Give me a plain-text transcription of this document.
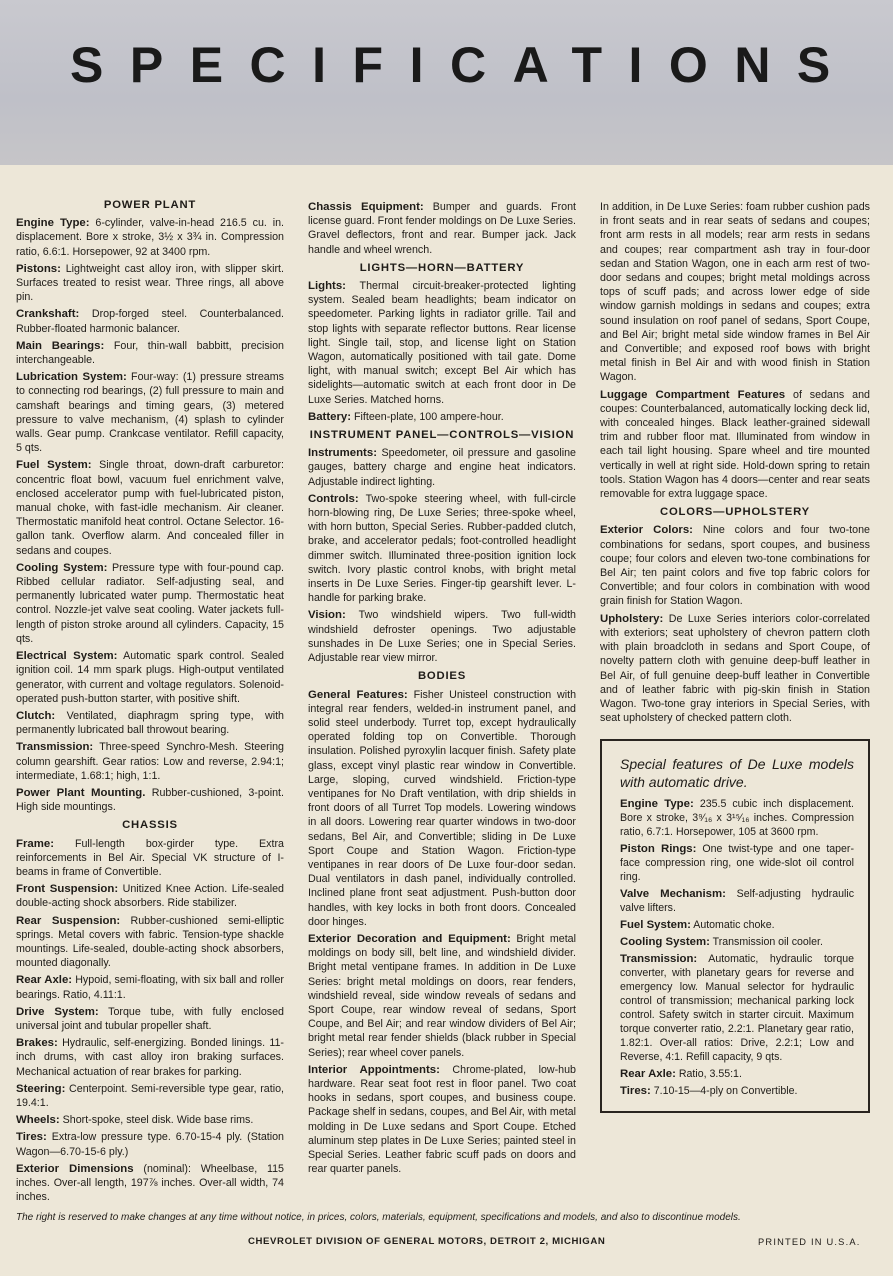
SPECIFICATIONS
POWER PLANT

Engine Type: 6-cylinder, valve-in-head 216.5 cu. in. displacement. Bore x stroke, 3½ x 3¾ in. Compression ratio, 6.6:1. Horsepower, 92 at 3400 rpm.

Pistons: Lightweight cast alloy iron, with slipper skirt. Surfaces treated to resist wear. Three rings, all above pin.

Crankshaft: Drop-forged steel. Counterbalanced. Rubber-floated harmonic balancer.

Main Bearings: Four, thin-wall babbitt, precision interchangeable.

Lubrication System: Four-way: (1) pressure streams to connecting rod bearings, (2) full pressure to main and camshaft bearings and timing gears, (3) metered pressure to valve mechanism, (4) splash to cylinder walls. Gear pump. Crankcase ventilator. Refill capacity, 5 qts.

Fuel System: Single throat, down-draft carburetor: concentric float bowl, vacuum fuel enrichment valve, enclosed accelerator pump with fuel-lubricated piston, manual choke, with fast-idle mechanism. Air cleaner. Thermostatic manifold heat control. Octane Selector. 16-gallon tank. Overflow alarm. And concealed filler in sedans and coupes.

Cooling System: Pressure type with four-pound cap. Ribbed cellular radiator. Self-adjusting seal, and permanently lubricated water pump. Thermostatic heat control. Nozzle-jet valve seat cooling. Water jackets full-length of piston stroke around all cylinders. Capacity, 15 qts.

Electrical System: Automatic spark control. Sealed ignition coil. 14 mm spark plugs. High-output ventilated generator, with current and voltage regulators. Solenoid-operated push-button starter, with positive shift.

Clutch: Ventilated, diaphragm spring type, with permanently lubricated ball throwout bearing.

Transmission: Three-speed Synchro-Mesh. Steering column gearshift. Gear ratios: Low and reverse, 2.94:1; intermediate, 1.68:1; high, 1:1.

Power Plant Mounting. Rubber-cushioned, 3-point. High side mountings.

CHASSIS

Frame: Full-length box-girder type. Extra reinforcements in Bel Air. Special VK structure of I-beams in frame of Convertible.

Front Suspension: Unitized Knee Action. Life-sealed double-acting shock absorbers. Ride stabilizer.

Rear Suspension: Rubber-cushioned semi-elliptic springs. Metal covers with fabric. Tension-type shackle mountings. Life-sealed, double-acting shock absorbers, mounted diagonally.

Rear Axle: Hypoid, semi-floating, with six ball and roller bearings. Ratio, 4.11:1.

Drive System: Torque tube, with fully enclosed universal joint and tubular propeller shaft.

Brakes: Hydraulic, self-energizing. Bonded linings. 11-inch drums, with cast alloy iron braking surfaces. Mechanical actuation of rear brakes for parking.

Steering: Centerpoint. Semi-reversible type gear, ratio, 19.4:1.

Wheels: Short-spoke, steel disk. Wide base rims.

Tires: Extra-low pressure type. 6.70-15-4 ply. (Station Wagon—6.70-15-6 ply.)

Exterior Dimensions (nominal): Wheelbase, 115 inches. Over-all length, 197⅞ inches. Over-all width, 74 inches.

Chassis Equipment: Bumper and guards. Front license guard. Front fender moldings on De Luxe Series. Gravel deflectors, front and rear. Bumper jack. Jack handle and wheel wrench.

LIGHTS—HORN—BATTERY

Lights: Thermal circuit-breaker-protected lighting system. Sealed beam headlights; beam indicator on speedometer. Parking lights in radiator grille. Tail and stop lights with separate reflector buttons. Rear license light. Single tail, stop, and license light on Station Wagon, automatically positioned with tail gate. Dome light, with manual switch; except Bel Air which has sidelights—automatic switch at each front door in De Luxe Series. Matched horns.

Battery: Fifteen-plate, 100 ampere-hour.

INSTRUMENT PANEL—CONTROLS—VISION

Instruments: Speedometer, oil pressure and gasoline gauges, battery charge and engine heat indicators. Adjustable indirect lighting.

Controls: Two-spoke steering wheel, with full-circle horn-blowing ring, De Luxe Series; three-spoke wheel, with horn button, Special Series. Rubber-padded clutch, brake, and accelerator pedals; foot-controlled headlight dimmer switch. Illuminated three-position ignition lock switch. Ivory plastic control knobs, with bright metal inserts in De Luxe Series. Finger-tip gearshift lever. L-handle for parking brake.

Vision: Two windshield wipers. Two full-width windshield defroster openings. Two adjustable sunshades in De Luxe Series; one in Special Series. Adjustable rear view mirror.

BODIES

General Features: Fisher Unisteel construction with integral rear fenders, welded-in instrument panel, and solid steel underbody. Turret top, except hydraulically operated folding top on Convertible. Thorough insulation. Polished pyroxylin lacquer finish. Safety plate glass, except vinyl plastic rear window in Convertible. Large, sloping, curved windshield. Friction-type ventipanes for No Draft ventilation, with drip shields in front doors of all Turret Top models. Lowering windows in all doors. Lowering rear quarter windows in two-door sedans, Bel Air, and Convertible; sliding in De Luxe Sport Coupe and Station Wagon. Friction-type ventipanes in rear doors of De Luxe four-door sedan. Dual ventilators in dash panel, individually controlled. Inclined plane front seat adjustment. Push-button door handles, with key locks in both front doors. Concealed door hinges.

Exterior Decoration and Equipment: Bright metal moldings on body sill, belt line, and windshield divider. Bright metal ventipane frames. In addition in De Luxe Series: bright metal moldings on doors, rear fenders, windshield reveal, side window reveals of sedans and Sport Coupe, rear window reveal of sedans, Sport Coupe, and Bel Air; and rear window dividers of Bel Air; bright metal rear fender shields (black rubber in Special Series); rear wheel cover panels.

Interior Appointments: Chrome-plated, low-hub hardware. Rear seat foot rest in floor panel. Two coat hooks in sedans, sport coupes, and business coupe. Package shelf in sedans, coupes, and Bel Air, with metal molding in De Luxe sedans and Sport Coupe. Etched aluminum step plates in De Luxe Series; painted steel in Special Series. Leather fabric scuff pads on doors and rear quarter panels.

In addition, in De Luxe Series: foam rubber cushion pads in front seats and in rear seats of sedans and coupes; front arm rests in all models; rear arm rests in sedans and coupes; rear compartment ash tray in four-door sedan and Station Wagon, one in each arm rest of two-door sedans and coupes; bright metal moldings across tops of scuff pads; and across lower edge of side window garnish moldings in sedans and coupes; extra sound insulation on roof panel of sedans, Sport Coupe, and Bel Air; bright metal side window frames in Bel Air and Convertible; and exposed roof bows with bright metal finish in Bel Air and with wood finish in Station Wagon.

Luggage Compartment Features of sedans and coupes: Counterbalanced, automatically locking deck lid, with concealed hinges. Black leather-grained sidewall trim and rubber floor mat. Illuminated from window in each tail light housing. Spare wheel and tire mounted vertically in well at right side. Hold-down spring to retain tools. Station Wagon has 4 doors—center and rear seats removable for extra luggage space.

COLORS—UPHOLSTERY

Exterior Colors: Nine colors and four two-tone combinations for sedans, sport coupes, and business coupe; four colors and eleven two-tone combinations for Bel Air; ten paint colors and five top fabric colors for Convertible; and four colors in combination with wood grain finish for Station Wagon.

Upholstery: De Luxe Series interiors color-correlated with exteriors; seat upholstery of chevron pattern cloth with plain broadcloth in sedans and Sport Coupe, of novelty pattern cloth with genuine deep-buff leather in Bel Air, of full genuine deep-buff leather in Convertible and of leather fabric with pig-skin finish in Station Wagon. Two-tone gray interiors in Special Series, with seat upholstery of checked pattern cloth.

Special features of De Luxe models with automatic drive.

Engine Type: 235.5 cubic inch displacement. Bore x stroke, 3⁹⁄₁₆ x 3¹⁵⁄₁₆ inches. Compression ratio, 6.7:1. Horsepower, 105 at 3600 rpm.

Piston Rings: One twist-type and one taper-face compression ring, one wide-slot oil control ring.

Valve Mechanism: Self-adjusting hydraulic valve lifters.

Fuel System: Automatic choke.

Cooling System: Transmission oil cooler.

Transmission: Automatic, hydraulic torque converter, with planetary gears for reverse and emergency low. Manual selector for hydraulic control of transmission; mechanical parking lock control. Safety switch in starter circuit. Maximum torque converter ratio, 2.2:1. Planetary gear ratio, 1.82:1. Over-all ratios: Drive, 2.2:1; Low and Reverse, 4:1. Refill capacity, 9 qts.

Rear Axle: Ratio, 3.55:1.

Tires: 7.10-15—4-ply on Convertible.

The right is reserved to make changes at any time without notice, in prices, colors, materials, equipment, specifications and models, and also to discontinue models.
CHEVROLET DIVISION OF GENERAL MOTORS, DETROIT 2, MICHIGAN	PRINTED IN U.S.A.
